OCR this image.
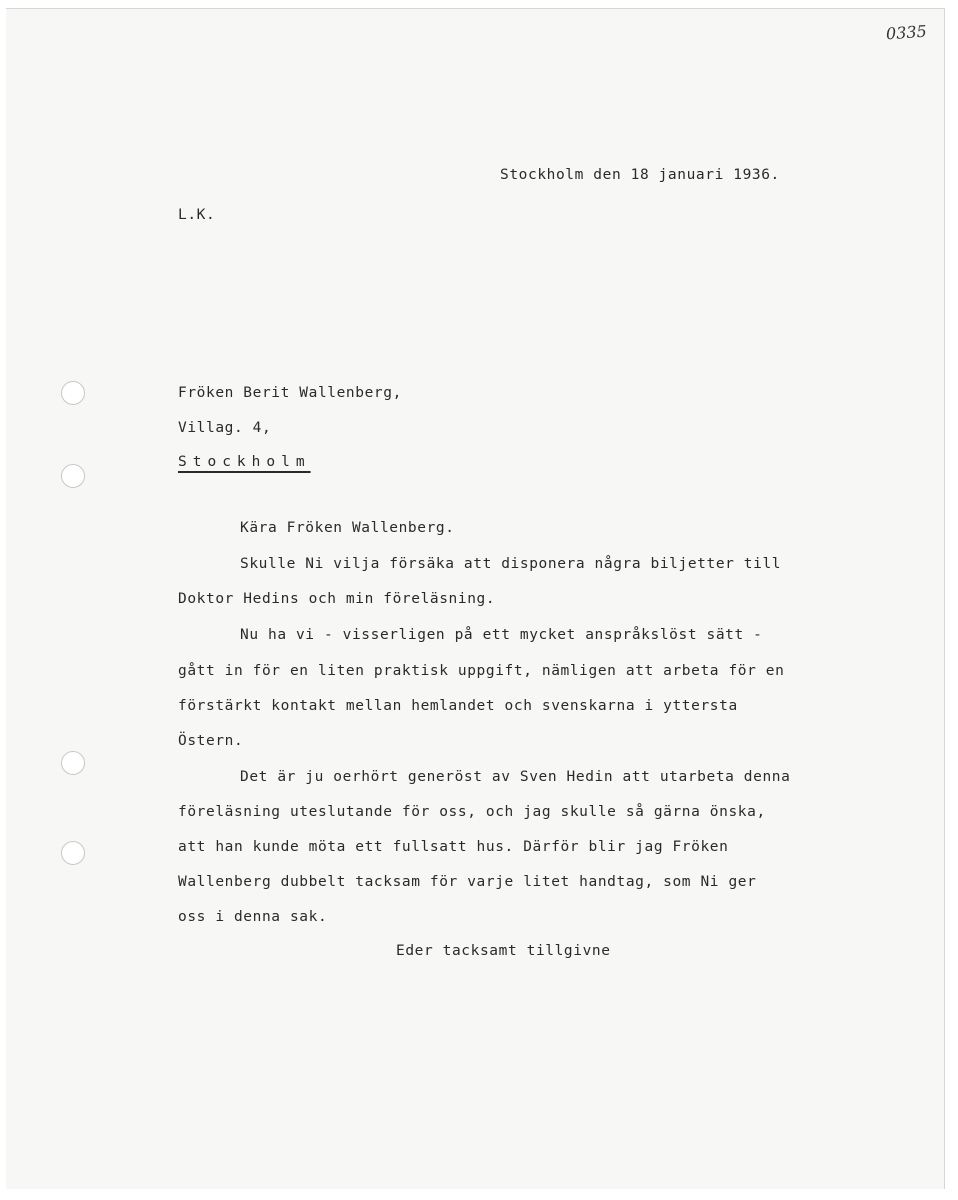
0335
Stockholm den 18 januari 1936.
L.K.
Fröken Berit Wallenberg,
Villag. 4,
Stockholm
Kära Fröken Wallenberg.
Skulle Ni vilja försäka att disponera några biljetter till
Doktor Hedins och min föreläsning.
Nu ha vi - visserligen på ett mycket anspråkslöst sätt -
gått in för en liten praktisk uppgift, nämligen att arbeta för en
förstärkt kontakt mellan hemlandet och svenskarna i yttersta
Östern.
Det är ju oerhört generöst av Sven Hedin att utarbeta denna
föreläsning uteslutande för oss, och jag skulle så gärna önska,
att han kunde möta ett fullsatt hus. Därför blir jag Fröken
Wallenberg dubbelt tacksam för varje litet handtag, som Ni ger
oss i denna sak.
Eder tacksamt tillgivne
